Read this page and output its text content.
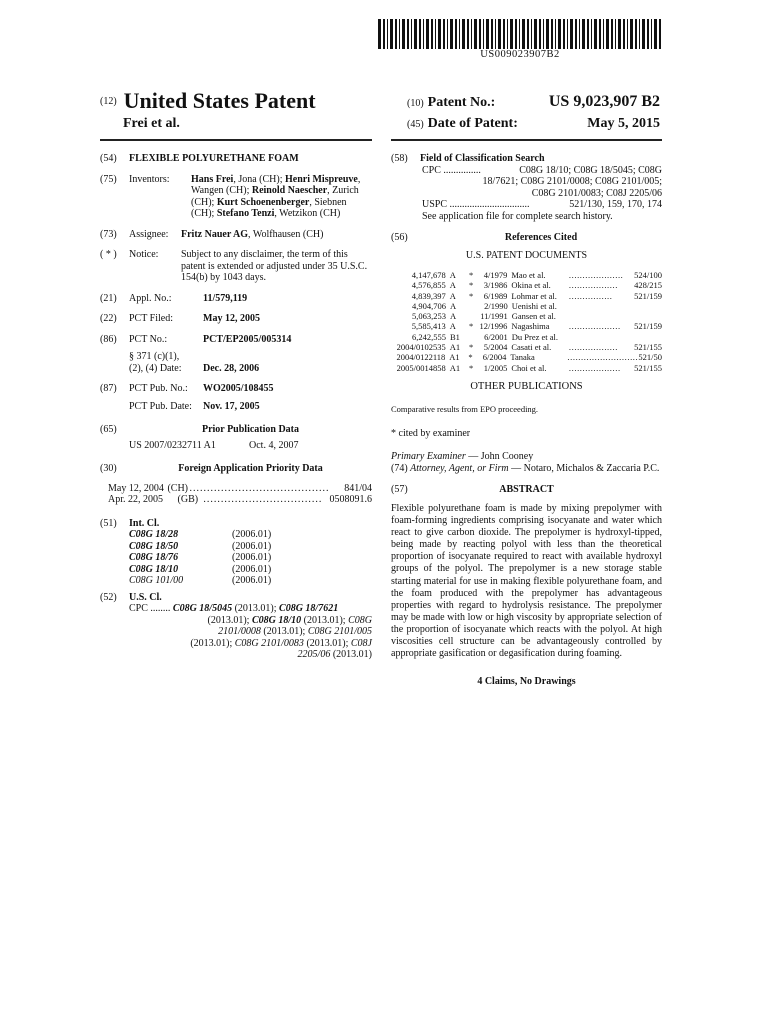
US009023907B2
(12) United States Patent
Frei et al.
(10) Patent No.:	US 9,023,907 B2
(45) Date of Patent:	May 5, 2015
(54)	FLEXIBLE POLYURETHANE FOAM
(75)	Inventors:	Hans Frei, Jona (CH); Henri Mispreuve, Wangen (CH); Reinold Naescher, Zurich (CH); Kurt Schoenenberger, Siebnen (CH); Stefano Tenzi, Wetzikon (CH)
(73)	Assignee:	Fritz Nauer AG, Wolfhausen (CH)
( * )	Notice:	Subject to any disclaimer, the term of this patent is extended or adjusted under 35 U.S.C. 154(b) by 1043 days.
(21)	Appl. No.:	11/579,119
(22)	PCT Filed:	May 12, 2005
(86)	PCT No.:	PCT/EP2005/005314
§ 371 (c)(1),
(2), (4) Date:	Dec. 28, 2006
(87)	PCT Pub. No.:	WO2005/108455
PCT Pub. Date:	Nov. 17, 2005
(65)	Prior Publication Data
US 2007/0232711 A1	Oct. 4, 2007
(30)	Foreign Application Priority Data
May 12, 2004 (CH) ........................................	841/04
Apr. 22, 2005	(GB) .................................. 0508091.6
(51)	Int. Cl.
C08G 18/28	(2006.01)
C08G 18/50	(2006.01)
C08G 18/76	(2006.01)
C08G 18/10	(2006.01)
C08G 101/00	(2006.01)
(52)	U.S. Cl.
CPC ........ C08G 18/5045 (2013.01); C08G 18/7621
(2013.01); C08G 18/10 (2013.01); C08G
2101/0008 (2013.01); C08G 2101/005
(2013.01); C08G 2101/0083 (2013.01); C08J
2205/06 (2013.01)
(58)	Field of Classification Search
CPC ...............	C08G 18/10; C08G 18/5045; C08G
18/7621; C08G 2101/0008; C08G 2101/005;
C08G 2101/0083; C08J 2205/06
USPC ................................	521/130, 159, 170, 174
See application file for complete search history.
(56)	References Cited
U.S. PATENT DOCUMENTS
4,147,678 A	*	4/1979 Mao et al.	....................	524/100
4,576,855 A	*	3/1986 Okina et al.	..................	428/215
4,839,397 A	*	6/1989 Lohmar et al.	................	521/159
4,904,706 A	2/1990 Uenishi et al.
5,063,253 A	11/1991 Gansen et al.
5,585,413 A	* 12/1996 Nagashima	...................	521/159
6,242,555 B1	6/2001 Du Prez et al.
2004/0102535 A1	*	5/2004 Casati et al.	..................	521/155
2004/0122118 A1	*	6/2004 Tanaka	.......................... 521/50
2005/0014858 A1	*	1/2005 Choi et al.	...................	521/155
OTHER PUBLICATIONS
Comparative results from EPO proceeding.
* cited by examiner
Primary Examiner — John Cooney
(74) Attorney, Agent, or Firm — Notaro, Michalos & Zaccaria P.C.
(57)	ABSTRACT
Flexible polyurethane foam is made by mixing prepolymer with foam-forming ingredients comprising isocyanate and water which react to give carbon dioxide. The prepolymer is hydroxyl-tipped, being made by reacting polyol with less than the theoretical proportion of isocyanate required to react with available hydroxyl groups of the polyol. The prepolymer is a new storage stable starting material for use in making flexible polyurethane foam, and the foam produced with the prepolymer has advantageous properties with regard to hydrolysis resistance. The prepolymer may be made with low or high viscosity by appropriate selection of the proportion of isocyanate which reacts with the polyol. At high viscosities cell structure can be advantageously controlled by appropriate gasification or degasification during foaming.
4 Claims, No Drawings
